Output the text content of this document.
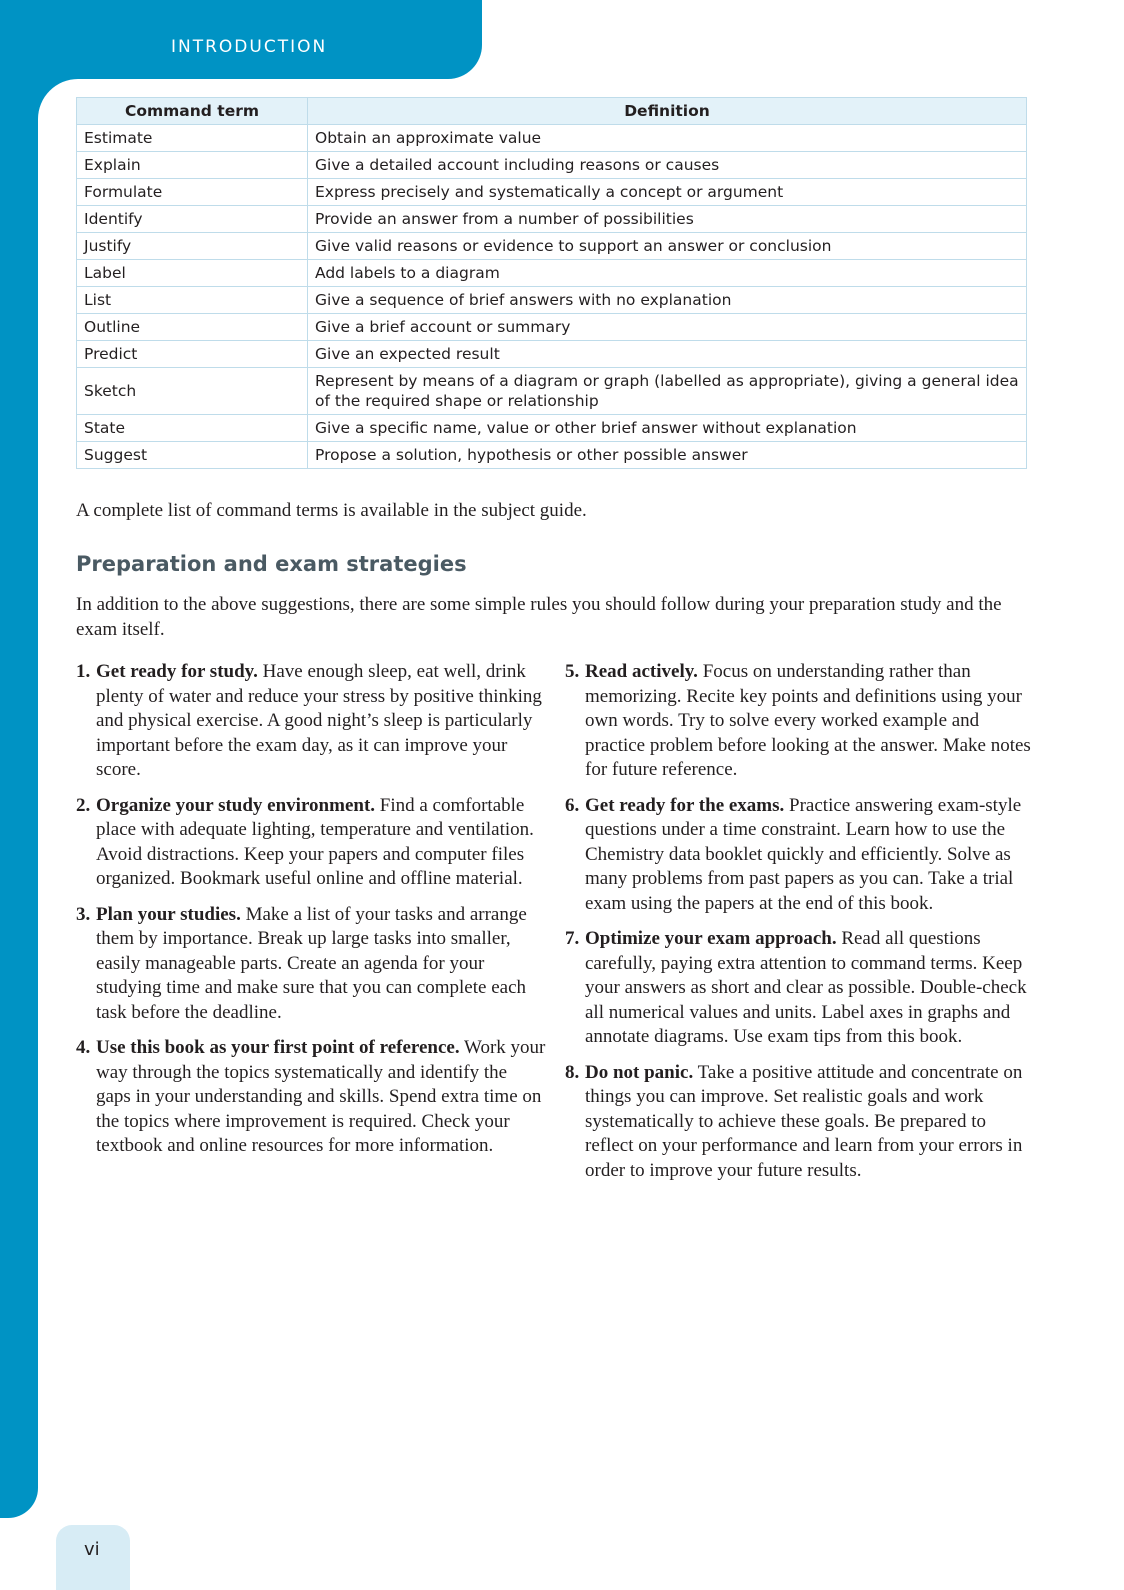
INTRODUCTION
Command term	Definition
Estimate	Obtain an approximate value
Explain	Give a detailed account including reasons or causes
Formulate	Express precisely and systematically a concept or argument
Identify	Provide an answer from a number of possibilities
Justify	Give valid reasons or evidence to support an answer or conclusion
Label	Add labels to a diagram
List	Give a sequence of brief answers with no explanation
Outline	Give a brief account or summary
Predict	Give an expected result
Sketch	Represent by means of a diagram or graph (labelled as appropriate), giving a general idea of the required shape or relationship
State	Give a specific name, value or other brief answer without explanation
Suggest	Propose a solution, hypothesis or other possible answer
A complete list of command terms is available in the subject guide.
Preparation and exam strategies

In addition to the above suggestions, there are some simple rules you should follow during your preparation study and the exam itself.

1. Get ready for study. Have enough sleep, eat well, drink plenty of water and reduce your stress by positive thinking and physical exercise. A good night’s sleep is particularly important before the exam day, as it can improve your score.
2. Organize your study environment. Find a comfortable place with adequate lighting, temperature and ventilation. Avoid distractions. Keep your papers and computer files organized. Bookmark useful online and offline material.
3. Plan your studies. Make a list of your tasks and arrange them by importance. Break up large tasks into smaller, easily manageable parts. Create an agenda for your studying time and make sure that you can complete each task before the deadline.
4. Use this book as your first point of reference. Work your way through the topics systematically and identify the gaps in your understanding and skills. Spend extra time on the topics where improvement is required. Check your textbook and online resources for more information.
5. Read actively. Focus on understanding rather than memorizing. Recite key points and definitions using your own words. Try to solve every worked example and practice problem before looking at the answer. Make notes for future reference.
6. Get ready for the exams. Practice answering exam-style questions under a time constraint. Learn how to use the Chemistry data booklet quickly and efficiently. Solve as many problems from past papers as you can. Take a trial exam using the papers at the end of this book.
7. Optimize your exam approach. Read all questions carefully, paying extra attention to command terms. Keep your answers as short and clear as possible. Double-check all numerical values and units. Label axes in graphs and annotate diagrams. Use exam tips from this book.
8. Do not panic. Take a positive attitude and concentrate on things you can improve. Set realistic goals and work systematically to achieve these goals. Be prepared to reflect on your performance and learn from your errors in order to improve your future results.
vi
